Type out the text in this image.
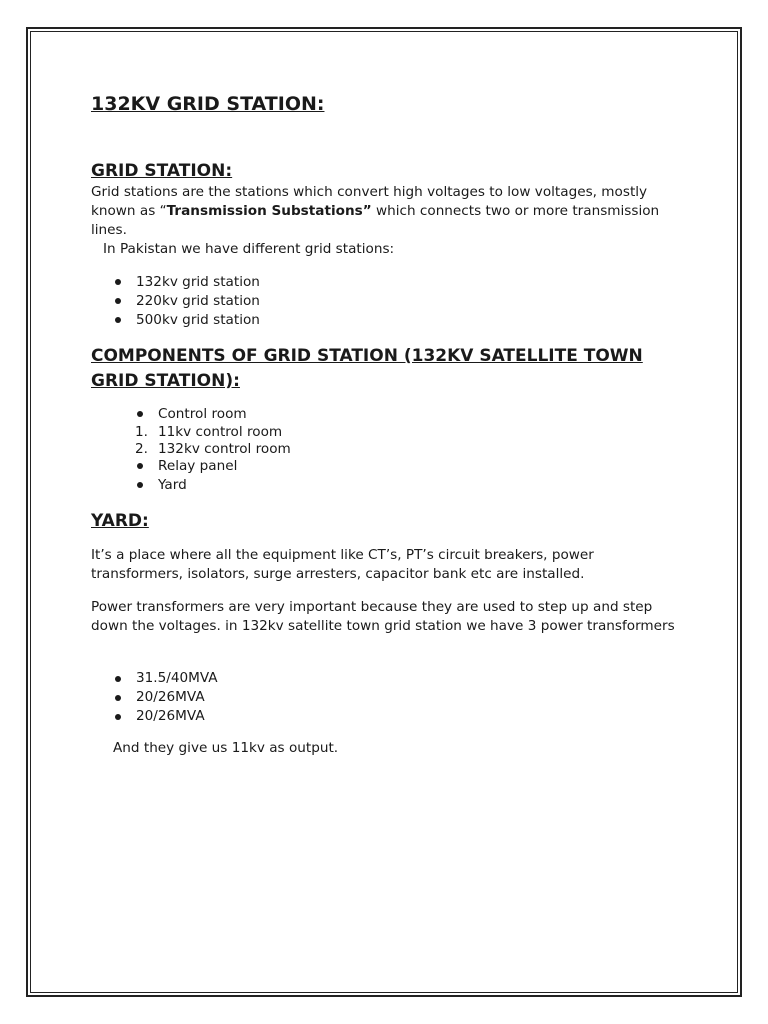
132KV GRID STATION:
GRID STATION:

Grid stations are the stations which convert high voltages to low voltages, mostly known as “Transmission Substations” which connects two or more transmission lines.

In Pakistan we have different grid stations:

132kv grid station
220kv grid station
500kv grid station
COMPONENTS OF GRID STATION (132KV SATELLITE TOWN
GRID STATION):
Control room
1. 11kv control room
2. 132kv control room
Relay panel
Yard
YARD:

It’s a place where all the equipment like CT’s, PT’s circuit breakers, power transformers, isolators, surge arresters, capacitor bank etc are installed.

Power transformers are very important because they are used to step up and step down the voltages. in 132kv satellite town grid station we have 3 power transformers

31.5/40MVA
20/26MVA
20/26MVA

And they give us 11kv as output.
